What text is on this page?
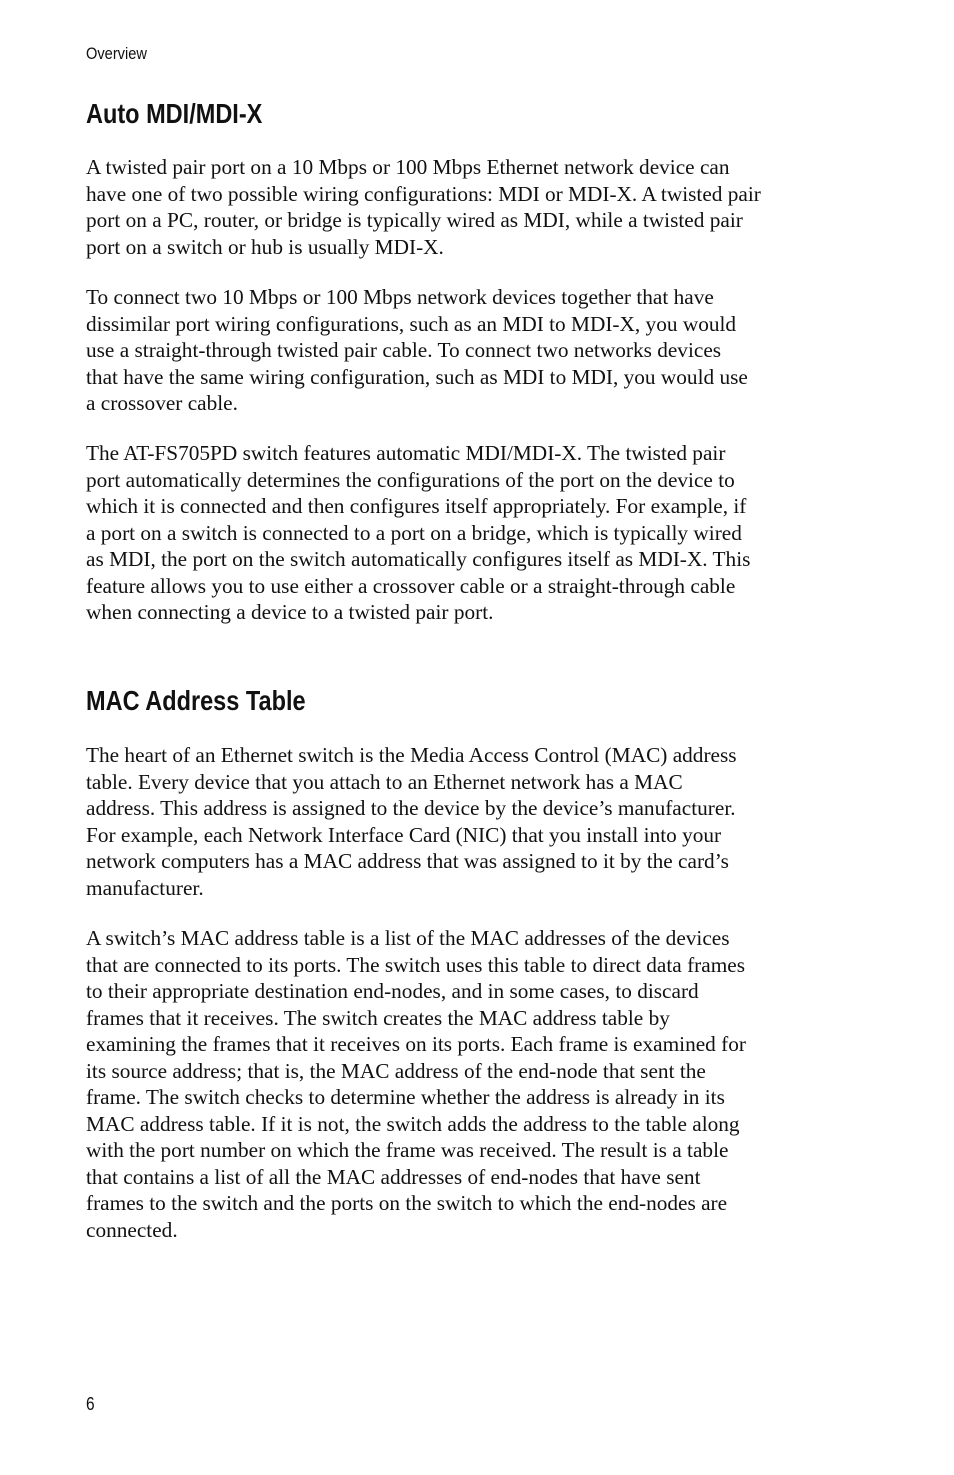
Overview
Auto MDI/MDI-X

A twisted pair port on a 10 Mbps or 100 Mbps Ethernet network device can
have one of two possible wiring configurations: MDI or MDI-X. A twisted pair
port on a PC, router, or bridge is typically wired as MDI, while a twisted pair
port on a switch or hub is usually MDI-X.

To connect two 10 Mbps or 100 Mbps network devices together that have
dissimilar port wiring configurations, such as an MDI to MDI-X, you would
use a straight-through twisted pair cable. To connect two networks devices
that have the same wiring configuration, such as MDI to MDI, you would use
a crossover cable.

The AT-FS705PD switch features automatic MDI/MDI-X. The twisted pair
port automatically determines the configurations of the port on the device to
which it is connected and then configures itself appropriately. For example, if
a port on a switch is connected to a port on a bridge, which is typically wired
as MDI, the port on the switch automatically configures itself as MDI-X. This
feature allows you to use either a crossover cable or a straight-through cable
when connecting a device to a twisted pair port.

MAC Address Table

The heart of an Ethernet switch is the Media Access Control (MAC) address
table. Every device that you attach to an Ethernet network has a MAC
address. This address is assigned to the device by the device’s manufacturer.
For example, each Network Interface Card (NIC) that you install into your
network computers has a MAC address that was assigned to it by the card’s
manufacturer.

A switch’s MAC address table is a list of the MAC addresses of the devices
that are connected to its ports. The switch uses this table to direct data frames
to their appropriate destination end-nodes, and in some cases, to discard
frames that it receives. The switch creates the MAC address table by
examining the frames that it receives on its ports. Each frame is examined for
its source address; that is, the MAC address of the end-node that sent the
frame. The switch checks to determine whether the address is already in its
MAC address table. If it is not, the switch adds the address to the table along
with the port number on which the frame was received. The result is a table
that contains a list of all the MAC addresses of end-nodes that have sent
frames to the switch and the ports on the switch to which the end-nodes are
connected.

6
